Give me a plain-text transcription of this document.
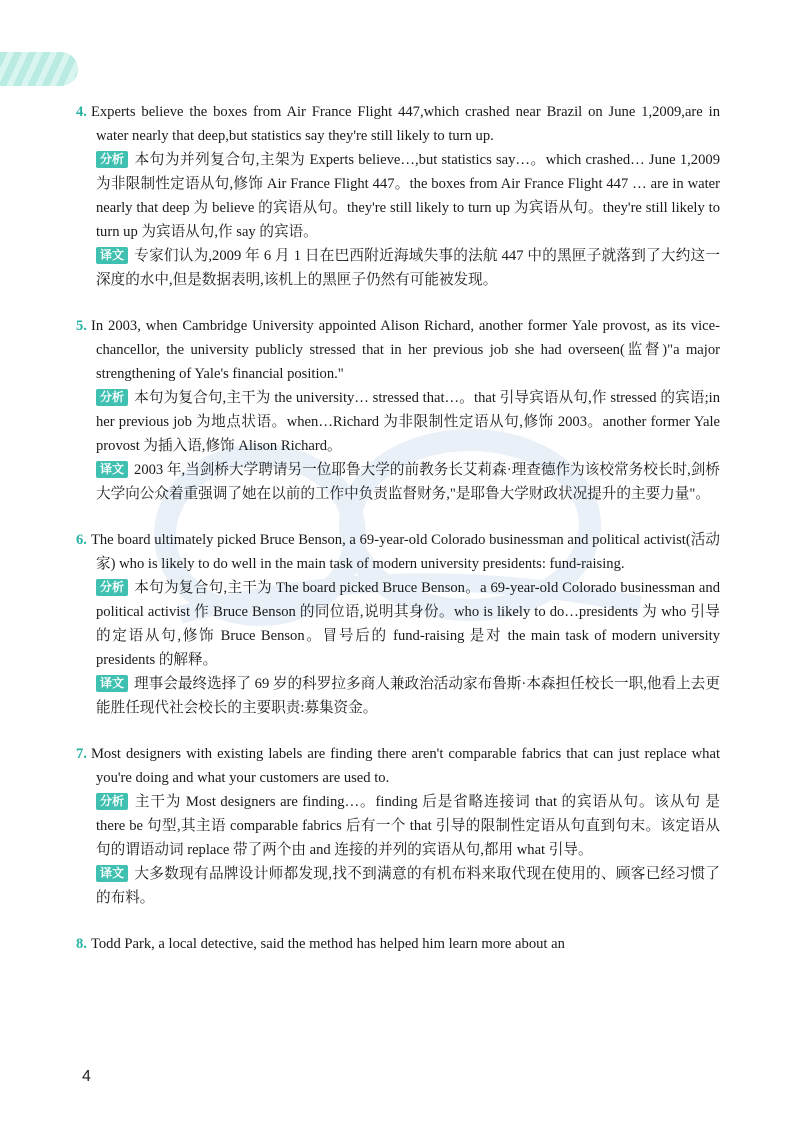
4. Experts believe the boxes from Air France Flight 447,which crashed near Brazil on June 1,2009,are in water nearly that deep,but statistics say they're still likely to turn up.

分析 本句为并列复合句,主架为 Experts believe…,but statistics say…。which crashed… June 1,2009 为非限制性定语从句,修饰 Air France Flight 447。the boxes from Air France Flight 447 … are in water nearly that deep 为 believe 的宾语从句。they're still likely to turn up 为宾语从句。they're still likely to turn up 为宾语从句,作 say 的宾语。

译文 专家们认为,2009 年 6 月 1 日在巴西附近海域失事的法航 447 中的黑匣子就落到了大约这一深度的水中,但是数据表明,该机上的黑匣子仍然有可能被发现。

5. In 2003, when Cambridge University appointed Alison Richard, another former Yale provost, as its vice-chancellor, the university publicly stressed that in her previous job she had overseen(监督)"a major strengthening of Yale's financial position."

分析 本句为复合句,主干为 the university… stressed that…。that 引导宾语从句,作 stressed 的宾语;in her previous job 为地点状语。when…Richard 为非限制性定语从句,修饰 2003。another former Yale provost 为插入语,修饰 Alison Richard。

译文 2003 年,当剑桥大学聘请另一位耶鲁大学的前教务长艾莉森·理查德作为该校常务校长时,剑桥大学向公众着重强调了她在以前的工作中负责监督财务,"是耶鲁大学财政状况提升的主要力量"。

6. The board ultimately picked Bruce Benson, a 69-year-old Colorado businessman and political activist(活动家) who is likely to do well in the main task of modern university presidents: fund-raising.

分析 本句为复合句,主干为 The board picked Bruce Benson。a 69-year-old Colorado businessman and political activist 作 Bruce Benson 的同位语,说明其身份。who is likely to do…presidents 为 who 引导的定语从句,修饰 Bruce Benson。冒号后的 fund-raising 是对 the main task of modern university presidents 的解释。

译文 理事会最终选择了 69 岁的科罗拉多商人兼政治活动家布鲁斯·本森担任校长一职,他看上去更能胜任现代社会校长的主要职责:募集资金。

7. Most designers with existing labels are finding there aren't comparable fabrics that can just replace what you're doing and what your customers are used to.

分析 主干为 Most designers are finding…。finding 后是省略连接词 that 的宾语从句。该从句 是 there be 句型,其主语 comparable fabrics 后有一个 that 引导的限制性定语从句直到句末。该定语从句的谓语动词 replace 带了两个由 and 连接的并列的宾语从句,都用 what 引导。

译文 大多数现有品牌设计师都发现,找不到满意的有机布料来取代现在使用的、顾客已经习惯了的布料。

8. Todd Park, a local detective, said the method has helped him learn more about an

4
